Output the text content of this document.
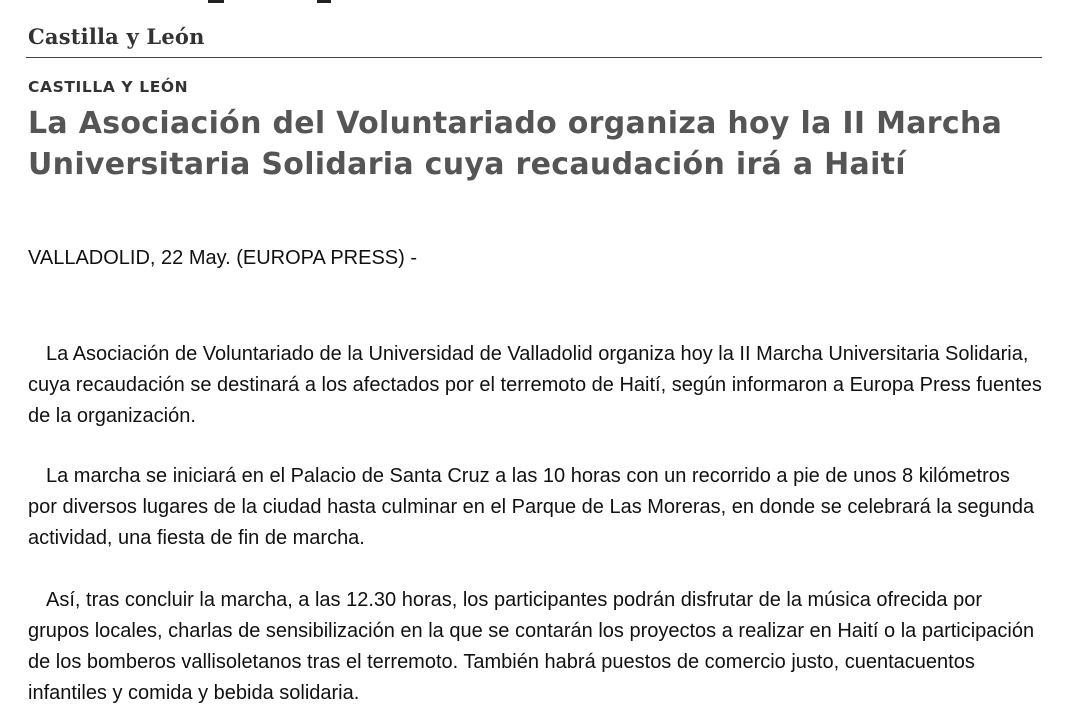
Castilla y León
CASTILLA Y LEÓN
La Asociación del Voluntariado organiza hoy la II Marcha Universitaria Solidaria cuya recaudación irá a Haití
VALLADOLID, 22 May. (EUROPA PRESS) -

La Asociación de Voluntariado de la Universidad de Valladolid organiza hoy la II Marcha Universitaria Solidaria, cuya recaudación se destinará a los afectados por el terremoto de Haití, según informaron a Europa Press fuentes de la organización.

La marcha se iniciará en el Palacio de Santa Cruz a las 10 horas con un recorrido a pie de unos 8 kilómetros por diversos lugares de la ciudad hasta culminar en el Parque de Las Moreras, en donde se celebrará la segunda actividad, una fiesta de fin de marcha.

Así, tras concluir la marcha, a las 12.30 horas, los participantes podrán disfrutar de la música ofrecida por grupos locales, charlas de sensibilización en la que se contarán los proyectos a realizar en Haití o la participación de los bomberos vallisoletanos tras el terremoto. También habrá puestos de comercio justo, cuentacuentos infantiles y comida y bebida solidaria.
